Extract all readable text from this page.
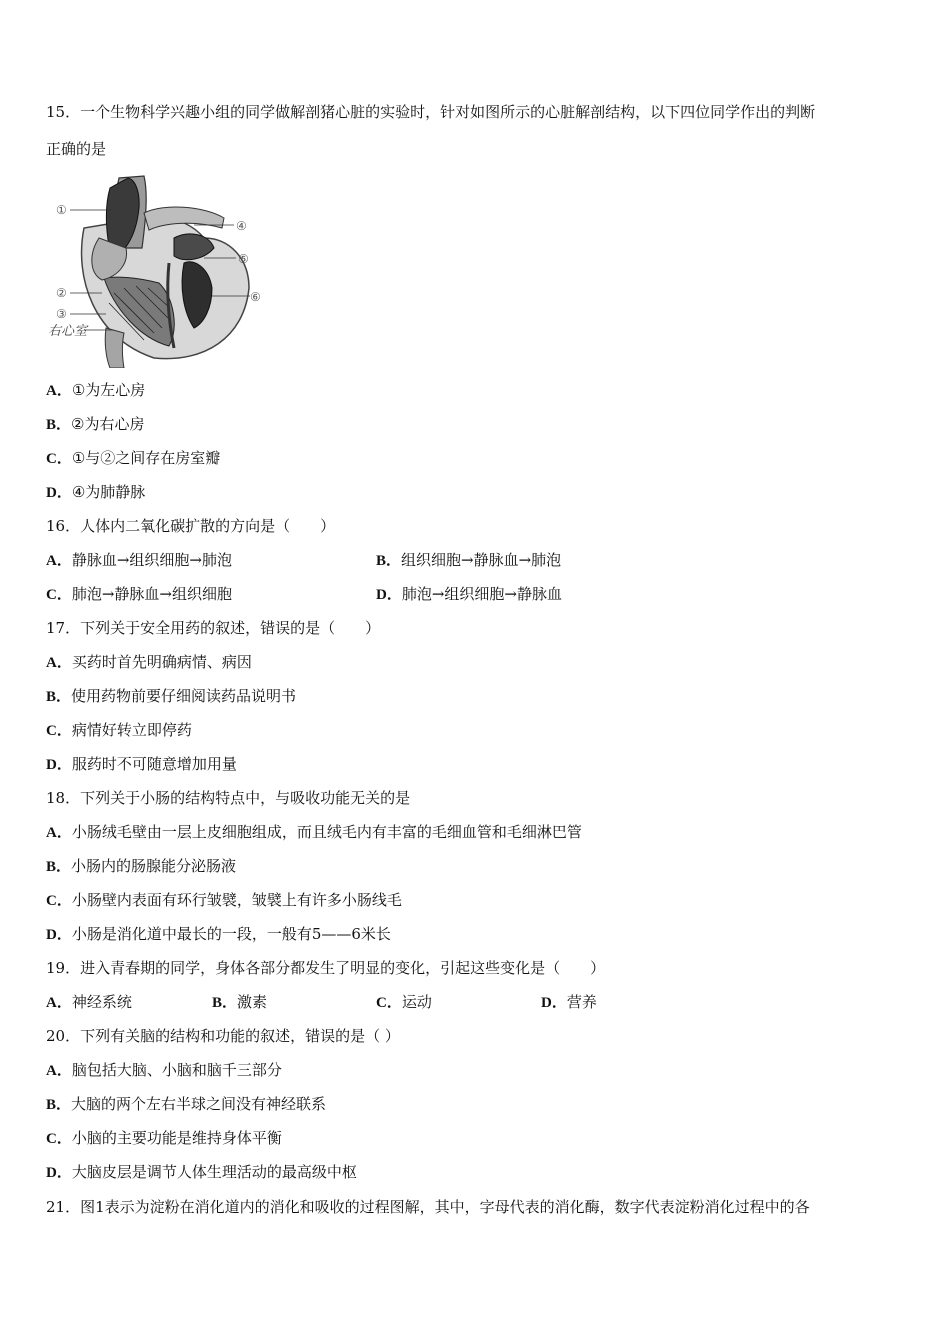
15．一个生物科学兴趣小组的同学做解剖猪心脏的实验时，针对如图所示的心脏解剖结构，以下四位同学作出的判断
正确的是
①
④
⑤
⑥
②
③
右心室
A．①为左心房
B．②为右心房
C．①与②之间存在房室瓣
D．④为肺静脉
16．人体内二氧化碳扩散的方向是（　　）
A．静脉血→组织细胞→肺泡	B．组织细胞→静脉血→肺泡
C．肺泡→静脉血→组织细胞	D．肺泡→组织细胞→静脉血
17．下列关于安全用药的叙述，错误的是（　　）
A．买药时首先明确病情、病因
B．使用药物前要仔细阅读药品说明书
C．病情好转立即停药
D．服药时不可随意增加用量
18．下列关于小肠的结构特点中，与吸收功能无关的是
A．小肠绒毛壁由一层上皮细胞组成，而且绒毛内有丰富的毛细血管和毛细淋巴管
B．小肠内的肠腺能分泌肠液
C．小肠壁内表面有环行皱襞，皱襞上有许多小肠线毛
D．小肠是消化道中最长的一段，一般有5——6米长
19．进入青春期的同学，身体各部分都发生了明显的变化，引起这些变化是（　　）
A．神经系统	B．激素	C．运动	D．营养
20．下列有关脑的结构和功能的叙述，错误的是（ ）
A．脑包括大脑、小脑和脑千三部分
B．大脑的两个左右半球之间没有神经联系
C．小脑的主要功能是维持身体平衡
D．大脑皮层是调节人体生理活动的最高级中枢
21．图1表示为淀粉在消化道内的消化和吸收的过程图解，其中，字母代表的消化酶，数字代表淀粉消化过程中的各
